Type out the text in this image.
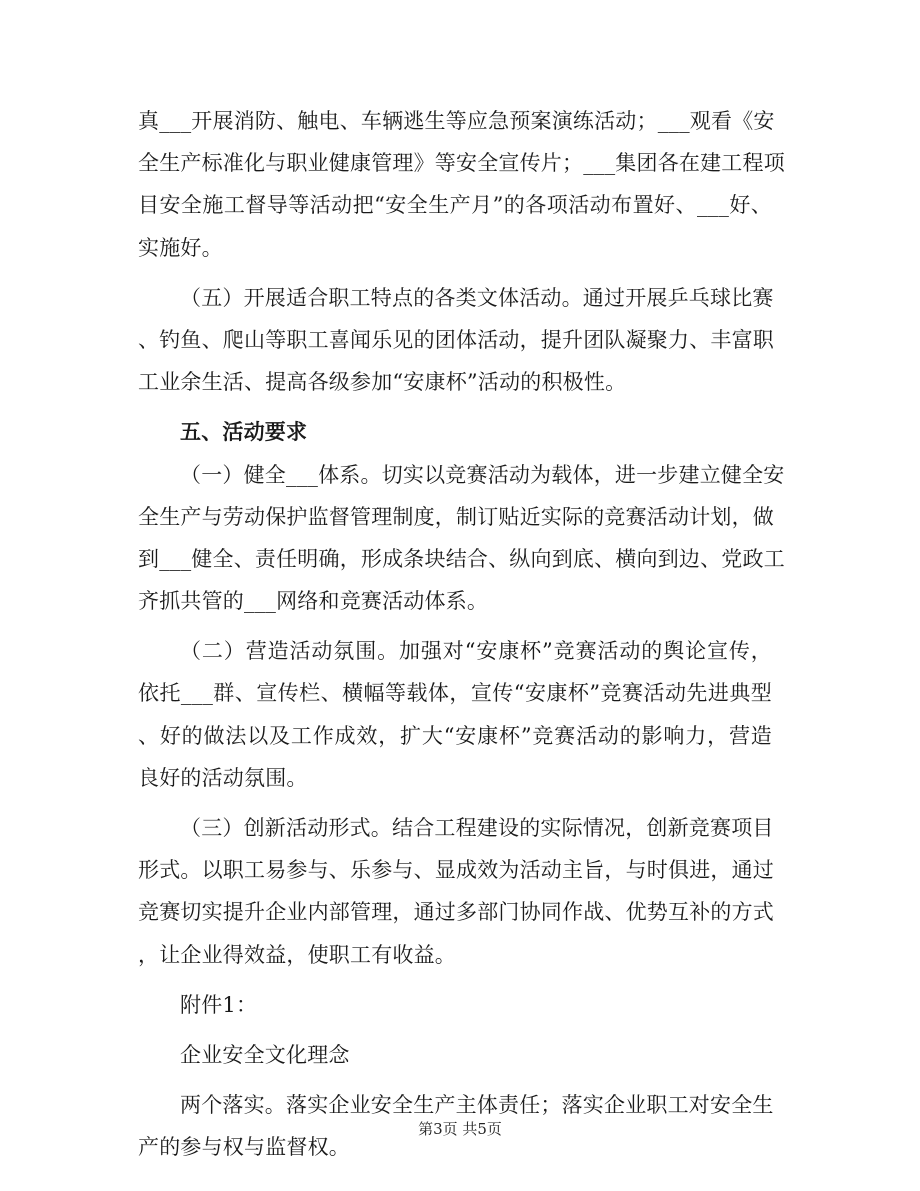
真___开展消防、触电、车辆逃生等应急预案演练活动；___观看《安
全生产标准化与职业健康管理》等安全宣传片；___集团各在建工程项
目安全施工督导等活动把“安全生产月”的各项活动布置好、___好、
实施好。
（五）开展适合职工特点的各类文体活动。通过开展乒乓球比赛
、钓鱼、爬山等职工喜闻乐见的团体活动，提升团队凝聚力、丰富职
工业余生活、提高各级参加“安康杯”活动的积极性。
五、活动要求
（一）健全___体系。切实以竞赛活动为载体，进一步建立健全安
全生产与劳动保护监督管理制度，制订贴近实际的竞赛活动计划，做
到___健全、责任明确，形成条块结合、纵向到底、横向到边、党政工
齐抓共管的___网络和竞赛活动体系。
（二）营造活动氛围。加强对“安康杯”竞赛活动的舆论宣传，
依托___群、宣传栏、横幅等载体，宣传“安康杯”竞赛活动先进典型
、好的做法以及工作成效，扩大“安康杯”竞赛活动的影响力，营造
良好的活动氛围。
（三）创新活动形式。结合工程建设的实际情况，创新竞赛项目
形式。以职工易参与、乐参与、显成效为活动主旨，与时俱进，通过
竞赛切实提升企业内部管理，通过多部门协同作战、优势互补的方式
，让企业得效益，使职工有收益。
附件1：
企业安全文化理念
两个落实。落实企业安全生产主体责任；落实企业职工对安全生
产的参与权与监督权。
第3页 共5页
